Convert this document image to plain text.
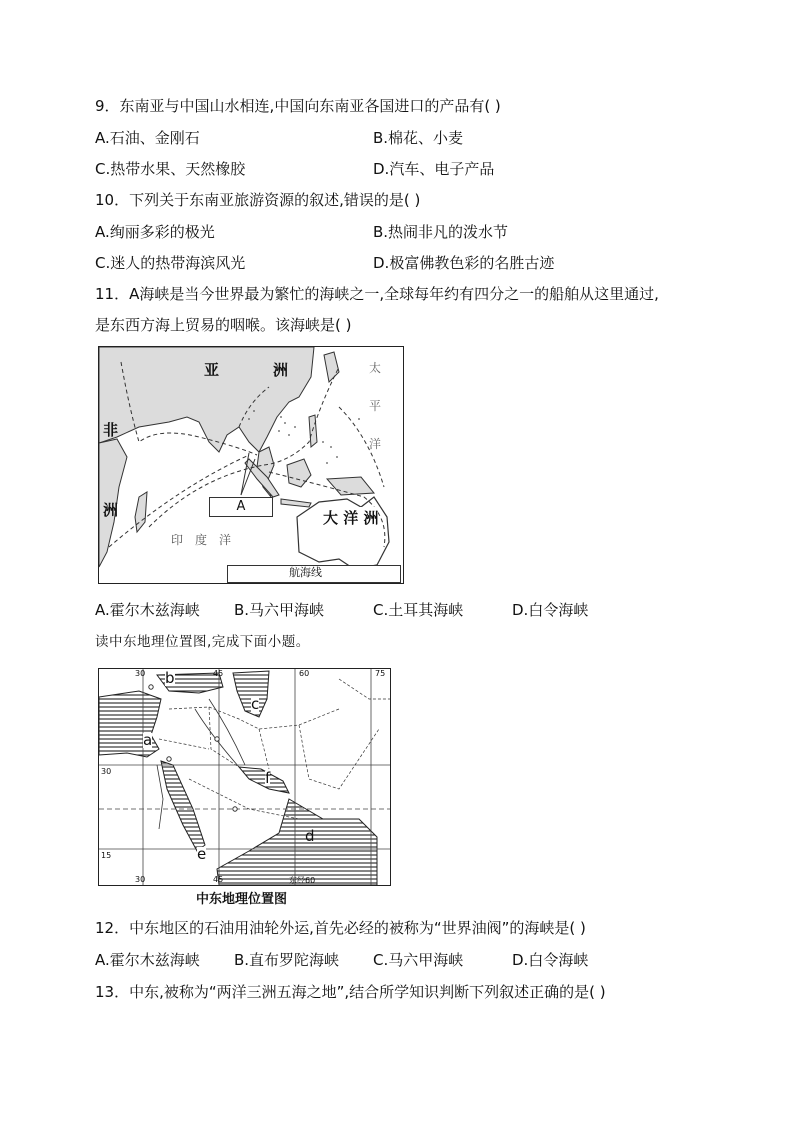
9．东南亚与中国山水相连,中国向东南亚各国进口的产品有( )
A.石油、金刚石	B.棉花、小麦
C.热带水果、天然橡胶	D.汽车、电子产品
10．下列关于东南亚旅游资源的叙述,错误的是( )
A.绚丽多彩的极光	B.热闹非凡的泼水节
C.迷人的热带海滨风光	D.极富佛教色彩的名胜古迹
11．A海峡是当今世界最为繁忙的海峡之一,全球每年约有四分之一的船舶从这里通过,
是东西方海上贸易的咽喉。该海峡是( )
亚	洲	太
平
洋
非
洲	大 洋 洲
印　度　洋
A
航海线
A.霍尔木兹海峡 B.马六甲海峡	C.土耳其海峡	D.白令海峡
读中东地理位置图,完成下面小题。
30	45	60	75
30
15
30	45	东经60
a
b
c
d
e
f
中东地理位置图
12．中东地区的石油用油轮外运,首先必经的被称为“世界油阀”的海峡是( )
A.霍尔木兹海峡 B.直布罗陀海峡 C.马六甲海峡	D.白令海峡
13．中东,被称为“两洋三洲五海之地”,结合所学知识判断下列叙述正确的是( )
